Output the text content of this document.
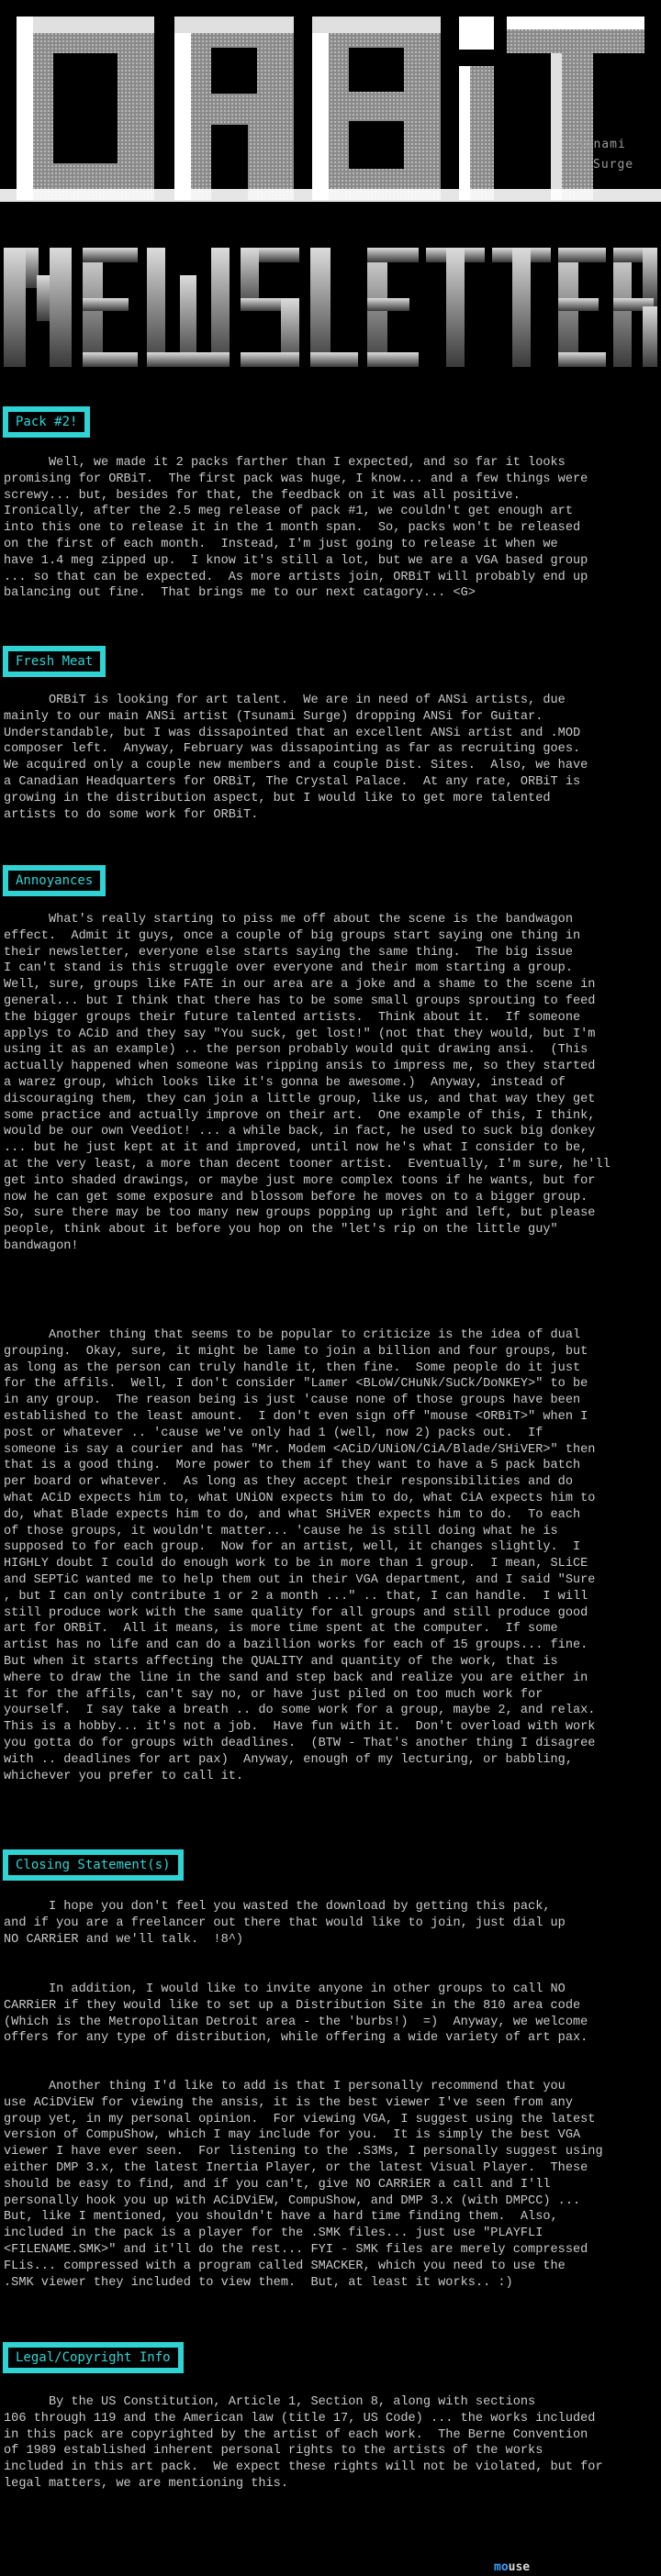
Tsunami
Surge
Pack #2!
Well, we made it 2 packs farther than I expected, and so far it looks
promising for ORBiT.  The first pack was huge, I know... and a few things were
screwy... but, besides for that, the feedback on it was all positive.
Ironically, after the 2.5 meg release of pack #1, we couldn't get enough art
into this one to release it in the 1 month span.  So, packs won't be released
on the first of each month.  Instead, I'm just going to release it when we
have 1.4 meg zipped up.  I know it's still a lot, but we are a VGA based group
... so that can be expected.  As more artists join, ORBiT will probably end up
balancing out fine.  That brings me to our next catagory... <G>
Fresh Meat
ORBiT is looking for art talent.  We are in need of ANSi artists, due
mainly to our main ANSi artist (Tsunami Surge) dropping ANSi for Guitar.
Understandable, but I was dissapointed that an excellent ANSi artist and .MOD
composer left.  Anyway, February was dissapointing as far as recruiting goes.
We acquired only a couple new members and a couple Dist. Sites.  Also, we have
a Canadian Headquarters for ORBiT, The Crystal Palace.  At any rate, ORBiT is
growing in the distribution aspect, but I would like to get more talented
artists to do some work for ORBiT.
Annoyances
What's really starting to piss me off about the scene is the bandwagon
effect.  Admit it guys, once a couple of big groups start saying one thing in
their newsletter, everyone else starts saying the same thing.  The big issue
I can't stand is this struggle over everyone and their mom starting a group.
Well, sure, groups like FATE in our area are a joke and a shame to the scene in
general... but I think that there has to be some small groups sprouting to feed
the bigger groups their future talented artists.  Think about it.  If someone
applys to ACiD and they say "You suck, get lost!" (not that they would, but I'm
using it as an example) .. the person probably would quit drawing ansi.  (This
actually happened when someone was ripping ansis to impress me, so they started
a warez group, which looks like it's gonna be awesome.)  Anyway, instead of
discouraging them, they can join a little group, like us, and that way they get
some practice and actually improve on their art.  One example of this, I think,
would be our own Veediot! ... a while back, in fact, he used to suck big donkey
... but he just kept at it and improved, until now he's what I consider to be,
at the very least, a more than decent tooner artist.  Eventually, I'm sure, he'll
get into shaded drawings, or maybe just more complex toons if he wants, but for
now he can get some exposure and blossom before he moves on to a bigger group.
So, sure there may be too many new groups popping up right and left, but please
people, think about it before you hop on the "let's rip on the little guy"
bandwagon!
Another thing that seems to be popular to criticize is the idea of dual
grouping.  Okay, sure, it might be lame to join a billion and four groups, but
as long as the person can truly handle it, then fine.  Some people do it just
for the affils.  Well, I don't consider "Lamer <BLoW/CHuNk/SuCk/DoNKEY>" to be
in any group.  The reason being is just 'cause none of those groups have been
established to the least amount.  I don't even sign off "mouse <ORBiT>" when I
post or whatever .. 'cause we've only had 1 (well, now 2) packs out.  If
someone is say a courier and has "Mr. Modem <ACiD/UNiON/CiA/Blade/SHiVER>" then
that is a good thing.  More power to them if they want to have a 5 pack batch
per board or whatever.  As long as they accept their responsibilities and do
what ACiD expects him to, what UNiON expects him to do, what CiA expects him to
do, what Blade expects him to do, and what SHiVER expects him to do.  To each
of those groups, it wouldn't matter... 'cause he is still doing what he is
supposed to for each group.  Now for an artist, well, it changes slightly.  I
HIGHLY doubt I could do enough work to be in more than 1 group.  I mean, SLiCE
and SEPTiC wanted me to help them out in their VGA department, and I said "Sure
, but I can only contribute 1 or 2 a month ..." .. that, I can handle.  I will
still produce work with the same quality for all groups and still produce good
art for ORBiT.  All it means, is more time spent at the computer.  If some
artist has no life and can do a bazillion works for each of 15 groups... fine.
But when it starts affecting the QUALITY and quantity of the work, that is
where to draw the line in the sand and step back and realize you are either in
it for the affils, can't say no, or have just piled on too much work for
yourself.  I say take a breath .. do some work for a group, maybe 2, and relax.
This is a hobby... it's not a job.  Have fun with it.  Don't overload with work
you gotta do for groups with deadlines.  (BTW - That's another thing I disagree
with .. deadlines for art pax)  Anyway, enough of my lecturing, or babbling,
whichever you prefer to call it.
Closing Statement(s)
I hope you don't feel you wasted the download by getting this pack,
and if you are a freelancer out there that would like to join, just dial up
NO CARRiER and we'll talk.  !8^)
In addition, I would like to invite anyone in other groups to call NO
CARRiER if they would like to set up a Distribution Site in the 810 area code
(Which is the Metropolitan Detroit area - the 'burbs!)  =)  Anyway, we welcome
offers for any type of distribution, while offering a wide variety of art pax.
Another thing I'd like to add is that I personally recommend that you
use ACiDViEW for viewing the ansis, it is the best viewer I've seen from any
group yet, in my personal opinion.  For viewing VGA, I suggest using the latest
version of CompuShow, which I may include for you.  It is simply the best VGA
viewer I have ever seen.  For listening to the .S3Ms, I personally suggest using
either DMP 3.x, the latest Inertia Player, or the latest Visual Player.  These
should be easy to find, and if you can't, give NO CARRiER a call and I'll
personally hook you up with ACiDViEW, CompuShow, and DMP 3.x (with DMPCC) ...
But, like I mentioned, you shouldn't have a hard time finding them.  Also,
included in the pack is a player for the .SMK files... just use "PLAYFLI
<FILENAME.SMK>" and it'll do the rest... FYI - SMK files are merely compressed
FLis... compressed with a program called SMACKER, which you need to use the
.SMK viewer they included to view them.  But, at least it works.. :)
Legal/Copyright Info
By the US Constitution, Article 1, Section 8, along with sections
106 through 119 and the American law (title 17, US Code) ... the works included
in this pack are copyrighted by the artist of each work.  The Berne Convention
of 1989 established inherent personal rights to the artists of the works
included in this art pack.  We expect these rights will not be violated, but for
legal matters, we are mentioning this.
mouse
